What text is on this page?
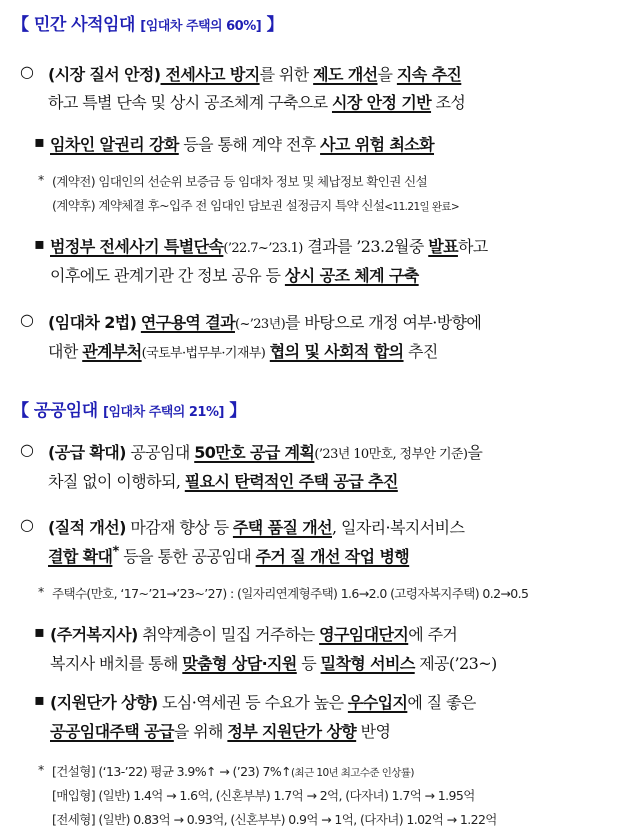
【 민간 사적임대 [임대차 주택의 60%] 】
○ (시장 질서 안정) 전세사고 방지를 위한 제도 개선을 지속 추진
하고 특별 단속 및 상시 공조체계 구축으로 시장 안정 기반 조성
▪ 임차인 알권리 강화 등을 통해 계약 전후 사고 위험 최소화
* (계약전) 임대인의 선순위 보증금 등 임대차 정보 및 체납정보 확인권 신설
(계약후) 계약체결 후~입주 전 임대인 담보권 설정금지 특약 신설<11.21일 완료>
▪ 범정부 전세사기 특별단속(’22.7~’23.1) 결과를 ’23.2월중 발표하고
이후에도 관계기관 간 정보 공유 등 상시 공조 체계 구축
○ (임대차 2법) 연구용역 결과(~’23년)를 바탕으로 개정 여부·방향에
대한 관계부처(국토부·법무부·기재부) 협의 및 사회적 합의 추진
【 공공임대 [임대차 주택의 21%] 】
○ (공급 확대) 공공임대 50만호 공급 계획(’23년 10만호, 정부안 기준)을
차질 없이 이행하되, 필요시 탄력적인 주택 공급 추진
○ (질적 개선) 마감재 향상 등 주택 품질 개선, 일자리·복지서비스
결합 확대* 등을 통한 공공임대 주거 질 개선 작업 병행
* 주택수(만호, ‘17~’21→’23~’27) : (일자리연계형주택) 1.6→2.0 (고령자복지주택) 0.2→0.5
▪ (주거복지사) 취약계층이 밀집 거주하는 영구임대단지에 주거
복지사 배치를 통해 맞춤형 상담·지원 등 밀착형 서비스 제공(’23~)
▪ (지원단가 상향) 도심·역세권 등 수요가 높은 우수입지에 질 좋은
공공임대주택 공급을 위해 정부 지원단가 상향 반영
* [건설형] (‘13-’22) 평균 3.9%↑ → (’23) 7%↑(최근 10년 최고수준 인상률)
[매입형] (일반) 1.4억 → 1.6억, (신혼부부) 1.7억 → 2억, (다자녀) 1.7억 → 1.95억
[전세형] (일반) 0.83억 → 0.93억, (신혼부부) 0.9억 → 1억, (다자녀) 1.02억 → 1.22억
